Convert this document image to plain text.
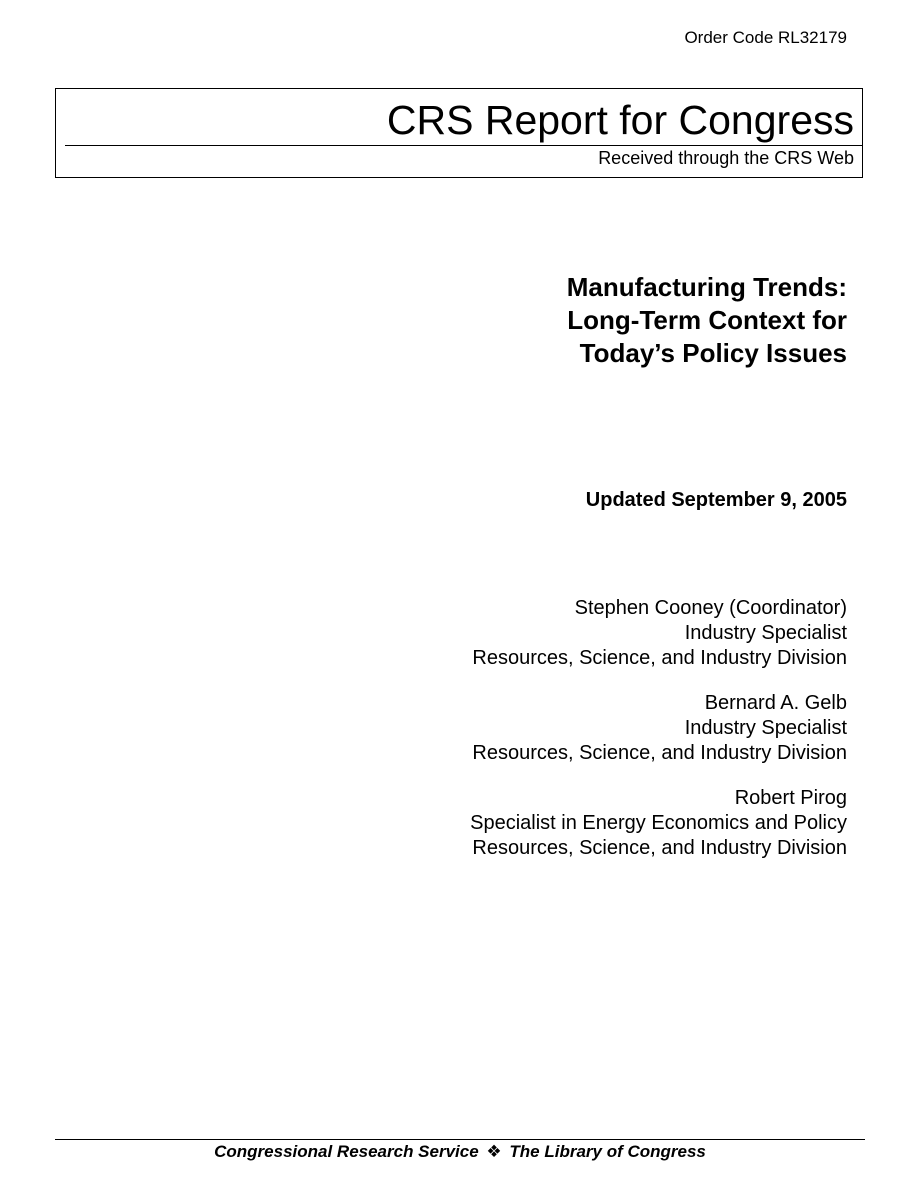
Order Code RL32179
CRS Report for Congress
Received through the CRS Web
Manufacturing Trends:
Long-Term Context for
Today’s Policy Issues
Updated September 9, 2005
Stephen Cooney (Coordinator)
Industry Specialist
Resources, Science, and Industry Division
Bernard A. Gelb
Industry Specialist
Resources, Science, and Industry Division
Robert Pirog
Specialist in Energy Economics and Policy
Resources, Science, and Industry Division
Congressional Research Service ❖ The Library of Congress
